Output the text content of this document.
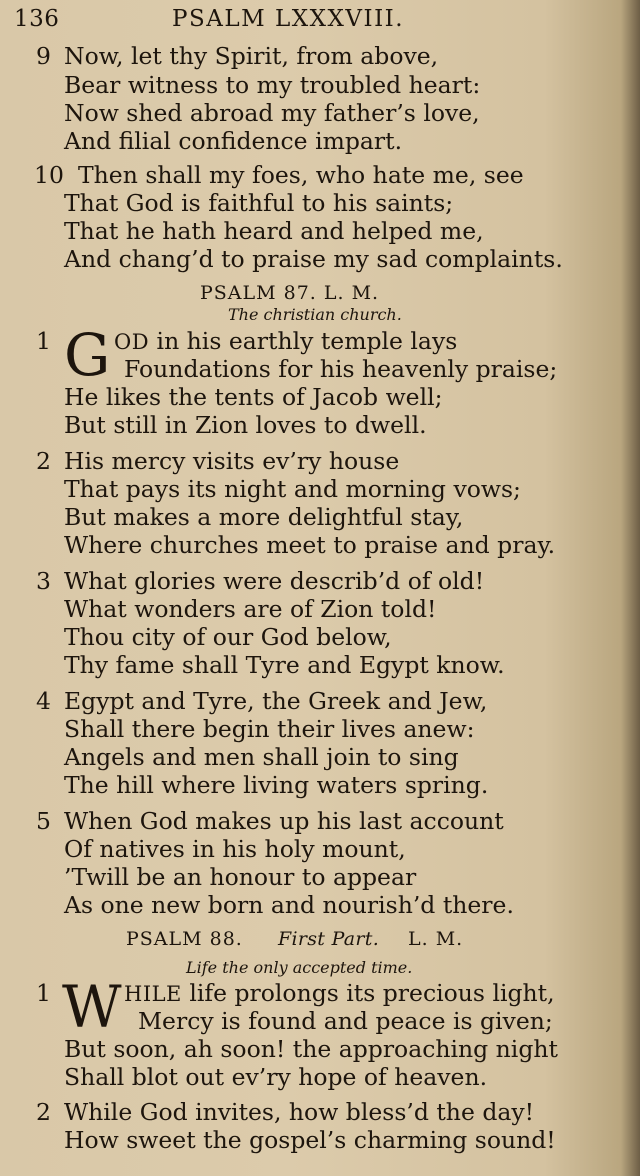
136	PSALM LXXXVIII.
9 Now, let thy Spirit, from above,
Bear witness to my troubled heart:
Now shed abroad my father’s love,
And filial confidence impart.
10 Then shall my foes, who hate me, see
That God is faithful to his saints;
That he hath heard and helped me,
And chang’d to praise my sad complaints.
PSALM 87. L. M.
The christian church.
1 G OD in his earthly temple lays
Foundations for his heavenly praise;
He likes the tents of Jacob well;
But still in Zion loves to dwell.
2 His mercy visits ev’ry house
That pays its night and morning vows;
But makes a more delightful stay,
Where churches meet to praise and pray.
3 What glories were describ’d of old!
What wonders are of Zion told!
Thou city of our God below,
Thy fame shall Tyre and Egypt know.
4 Egypt and Tyre, the Greek and Jew,
Shall there begin their lives anew:
Angels and men shall join to sing
The hill where living waters spring.
5 When God makes up his last account
Of natives in his holy mount,
’Twill be an honour to appear
As one new born and nourish’d there.
PSALM 88. First Part. L. M.
Life the only accepted time.
1 W HILE life prolongs its precious light,
Mercy is found and peace is given;
But soon, ah soon! the approaching night
Shall blot out ev’ry hope of heaven.
2 While God invites, how bless’d the day!
How sweet the gospel’s charming sound!
